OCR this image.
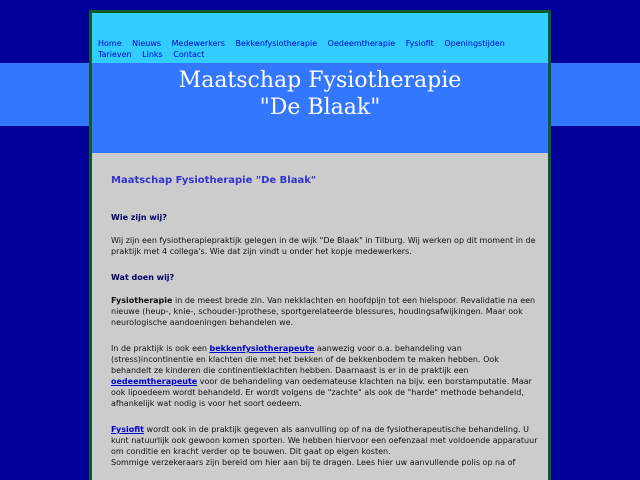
Home Nieuws Medewerkers Bekkenfysiotherapie Oedeemtherapie Fysiofit Openingstijden Tarieven Links Contact
Maatschap Fysiotherapie
"De Blaak"
Maatschap Fysiotherapie "De Blaak"
Wie zijn wij?

Wij zijn een fysiotherapiepraktijk gelegen in de wijk "De Blaak" in Tilburg. Wij werken op dit moment in de praktijk met 4 collega's. Wie dat zijn vindt u onder het kopje medewerkers.

Wat doen wij?

Fysiotherapie in de meest brede zin. Van nekklachten en hoofdpijn tot een hielspoor. Revalidatie na een nieuwe (heup-, knie-, schouder-)prothese, sportgerelateerde blessures, houdingsafwijkingen. Maar ook neurologische aandoeningen behandelen we.

In de praktijk is ook een bekkenfysiotherapeute aanwezig voor o.a. behandeling van (stress)incontinentie en klachten die met het bekken of de bekkenbodem te maken hebben. Ook behandelt ze kinderen die continentieklachten hebben. Daarnaast is er in de praktijk een oedeemtherapeute voor de behandeling van oedemateuse klachten na bijv. een borstamputatie. Maar ook lipoedeem wordt behandeld. Er wordt volgens de "zachte" als ook de "harde" methode behandeld, afhankelijk wat nodig is voor het soort oedeem.

Fysiofit wordt ook in de praktijk gegeven als aanvulling op of na de fysiotherapeutische behandeling. U kunt natuurlijk ook gewoon komen sporten. We hebben hiervoor een oefenzaal met voldoende apparatuur om conditie en kracht verder op te bouwen. Dit gaat op eigen kosten.
Sommige verzekeraars zijn bereid om hier aan bij te dragen. Lees hier uw aanvullende polis op na of
